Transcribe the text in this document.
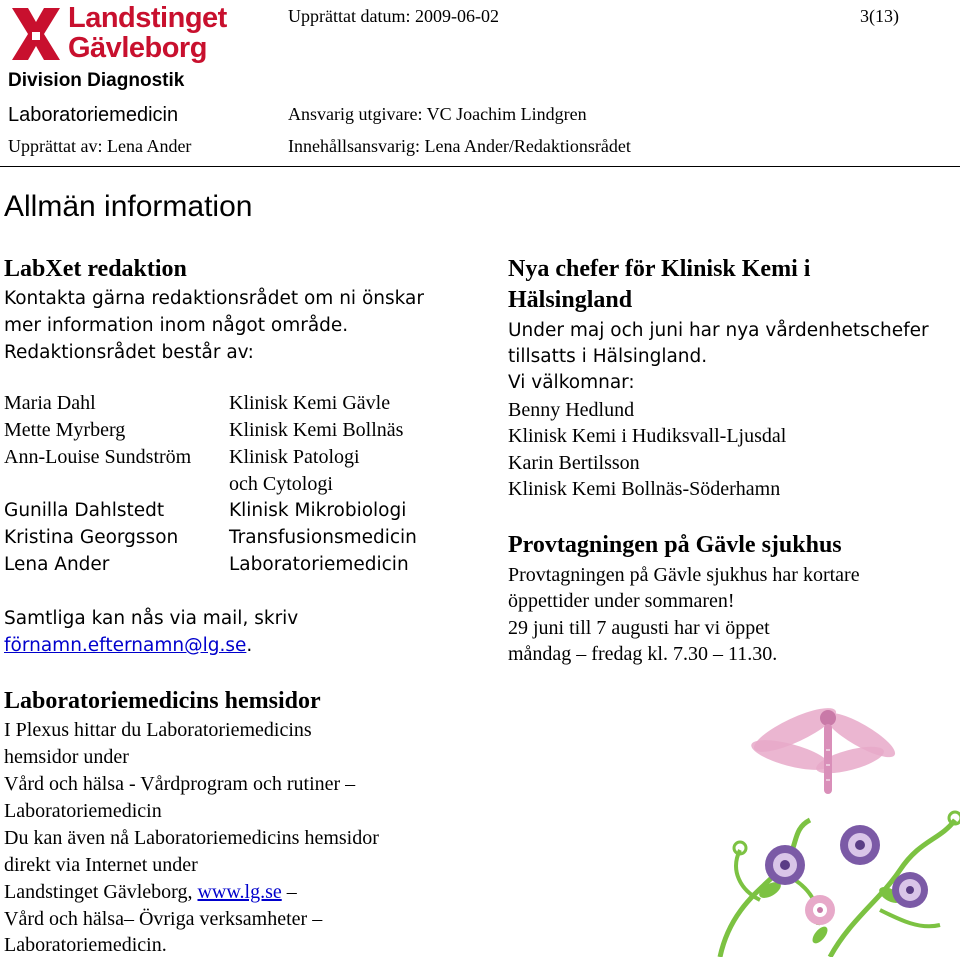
Landstinget
Gävleborg
Upprättat datum: 2009-06-02	3(13)
Division Diagnostik
Laboratoriemedicin
Upprättat av: Lena Ander
Ansvarig utgivare: VC Joachim Lindgren
Innehållsansvarig: Lena Ander/Redaktionsrådet
Allmän information
LabXet redaktion
Kontakta gärna redaktionsrådet om ni önskar
mer information inom något område.
Redaktionsrådet består av:
Maria Dahl	Klinisk Kemi Gävle
Mette Myrberg	Klinisk Kemi Bollnäs
Ann-Louise Sundström Klinisk Patologi
och Cytologi
Gunilla Dahlstedt	Klinisk Mikrobiologi
Kristina Georgsson	Transfusionsmedicin
Lena Ander	Laboratoriemedicin
Samtliga kan nås via mail, skriv
förnamn.efternamn@lg.se.
Laboratoriemedicins hemsidor
I Plexus hittar du Laboratoriemedicins
hemsidor under
Vård och hälsa - Vårdprogram och rutiner –
Laboratoriemedicin
Du kan även nå Laboratoriemedicins hemsidor
direkt via Internet under
Landstinget Gävleborg, www.lg.se –
Vård och hälsa– Övriga verksamheter –
Laboratoriemedicin.
Nya chefer för Klinisk Kemi i
Hälsingland
Under maj och juni har nya vårdenhetschefer
tillsatts i Hälsingland.
Vi välkomnar:
Benny Hedlund
Klinisk Kemi i Hudiksvall-Ljusdal
Karin Bertilsson
Klinisk Kemi Bollnäs-Söderhamn
Provtagningen på Gävle sjukhus
Provtagningen på Gävle sjukhus har kortare
öppettider under sommaren!
29 juni till 7 augusti har vi öppet
måndag – fredag kl. 7.30 – 11.30.
